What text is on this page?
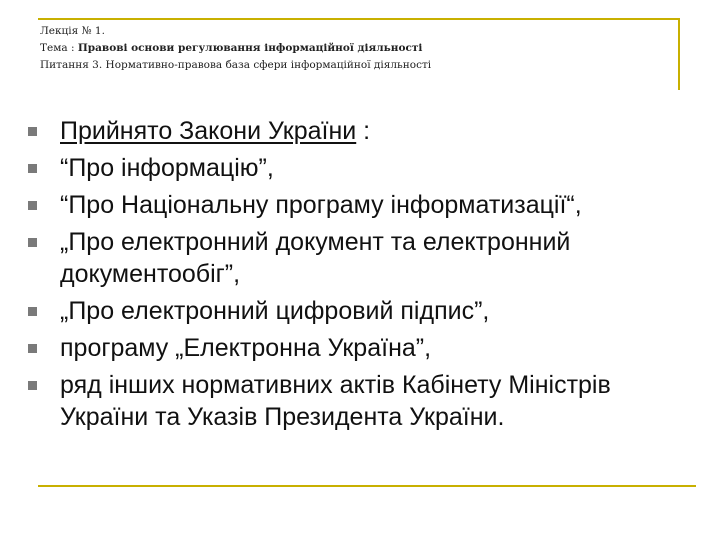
Лекція № 1.
Тема : Правові основи регулювання інформаційної діяльності
Питання 3. Нормативно-правова база сфери інформаційної діяльності
Прийнято Закони України :
“Про інформацію”,
“Про Національну програму інформатизації“,
„Про електронний документ та електронний документообіг”,
„Про електронний цифровий підпис”,
програму „Електронна Україна”,
ряд інших нормативних актів Кабінету Міністрів України та Указів Президента України.
